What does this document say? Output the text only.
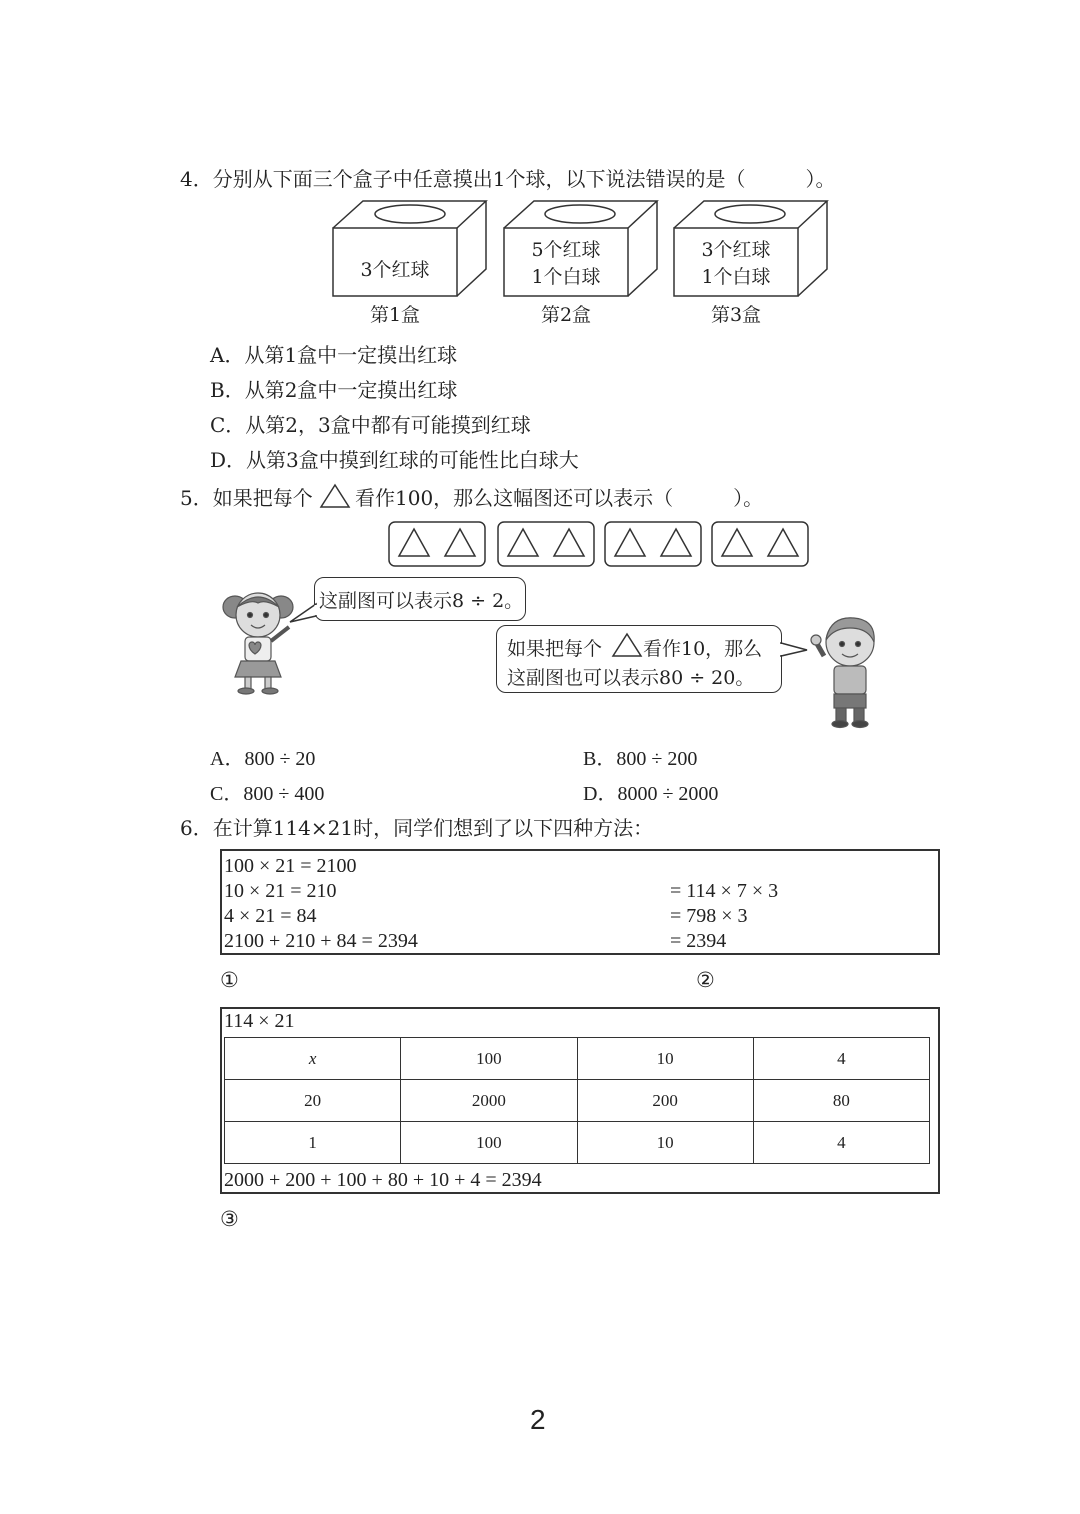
4．分别从下面三个盒子中任意摸出1个球，以下说法错误的是（　　　）。
3个红球
5个红球
1个白球
3个红球
1个白球
第1盒	第2盒	第3盒
A．从第1盒中一定摸出红球
B．从第2盒中一定摸出红球
C．从第2，3盒中都有可能摸到红球
D．从第3盒中摸到红球的可能性比白球大
5．如果把每个 看作100，那么这幅图还可以表示（　　　）。
这副图可以表示8 ÷ 2。
如果把每个 看作10，那么
这副图也可以表示80 ÷ 20。
A．800 ÷ 20	B．800 ÷ 200
C．800 ÷ 400	D．8000 ÷ 2000
6．在计算114×21时，同学们想到了以下四种方法：
100 × 21 = 2100
10 × 21 = 210
4 × 21 = 84
2100 + 210 + 84 = 2394
= 114 × 7 × 3
= 798 × 3
= 2394
①	②
114 × 21
x	100	10	4
20	2000	200	80
1	100	10	4
2000 + 200 + 100 + 80 + 10 + 4 = 2394
③
2
